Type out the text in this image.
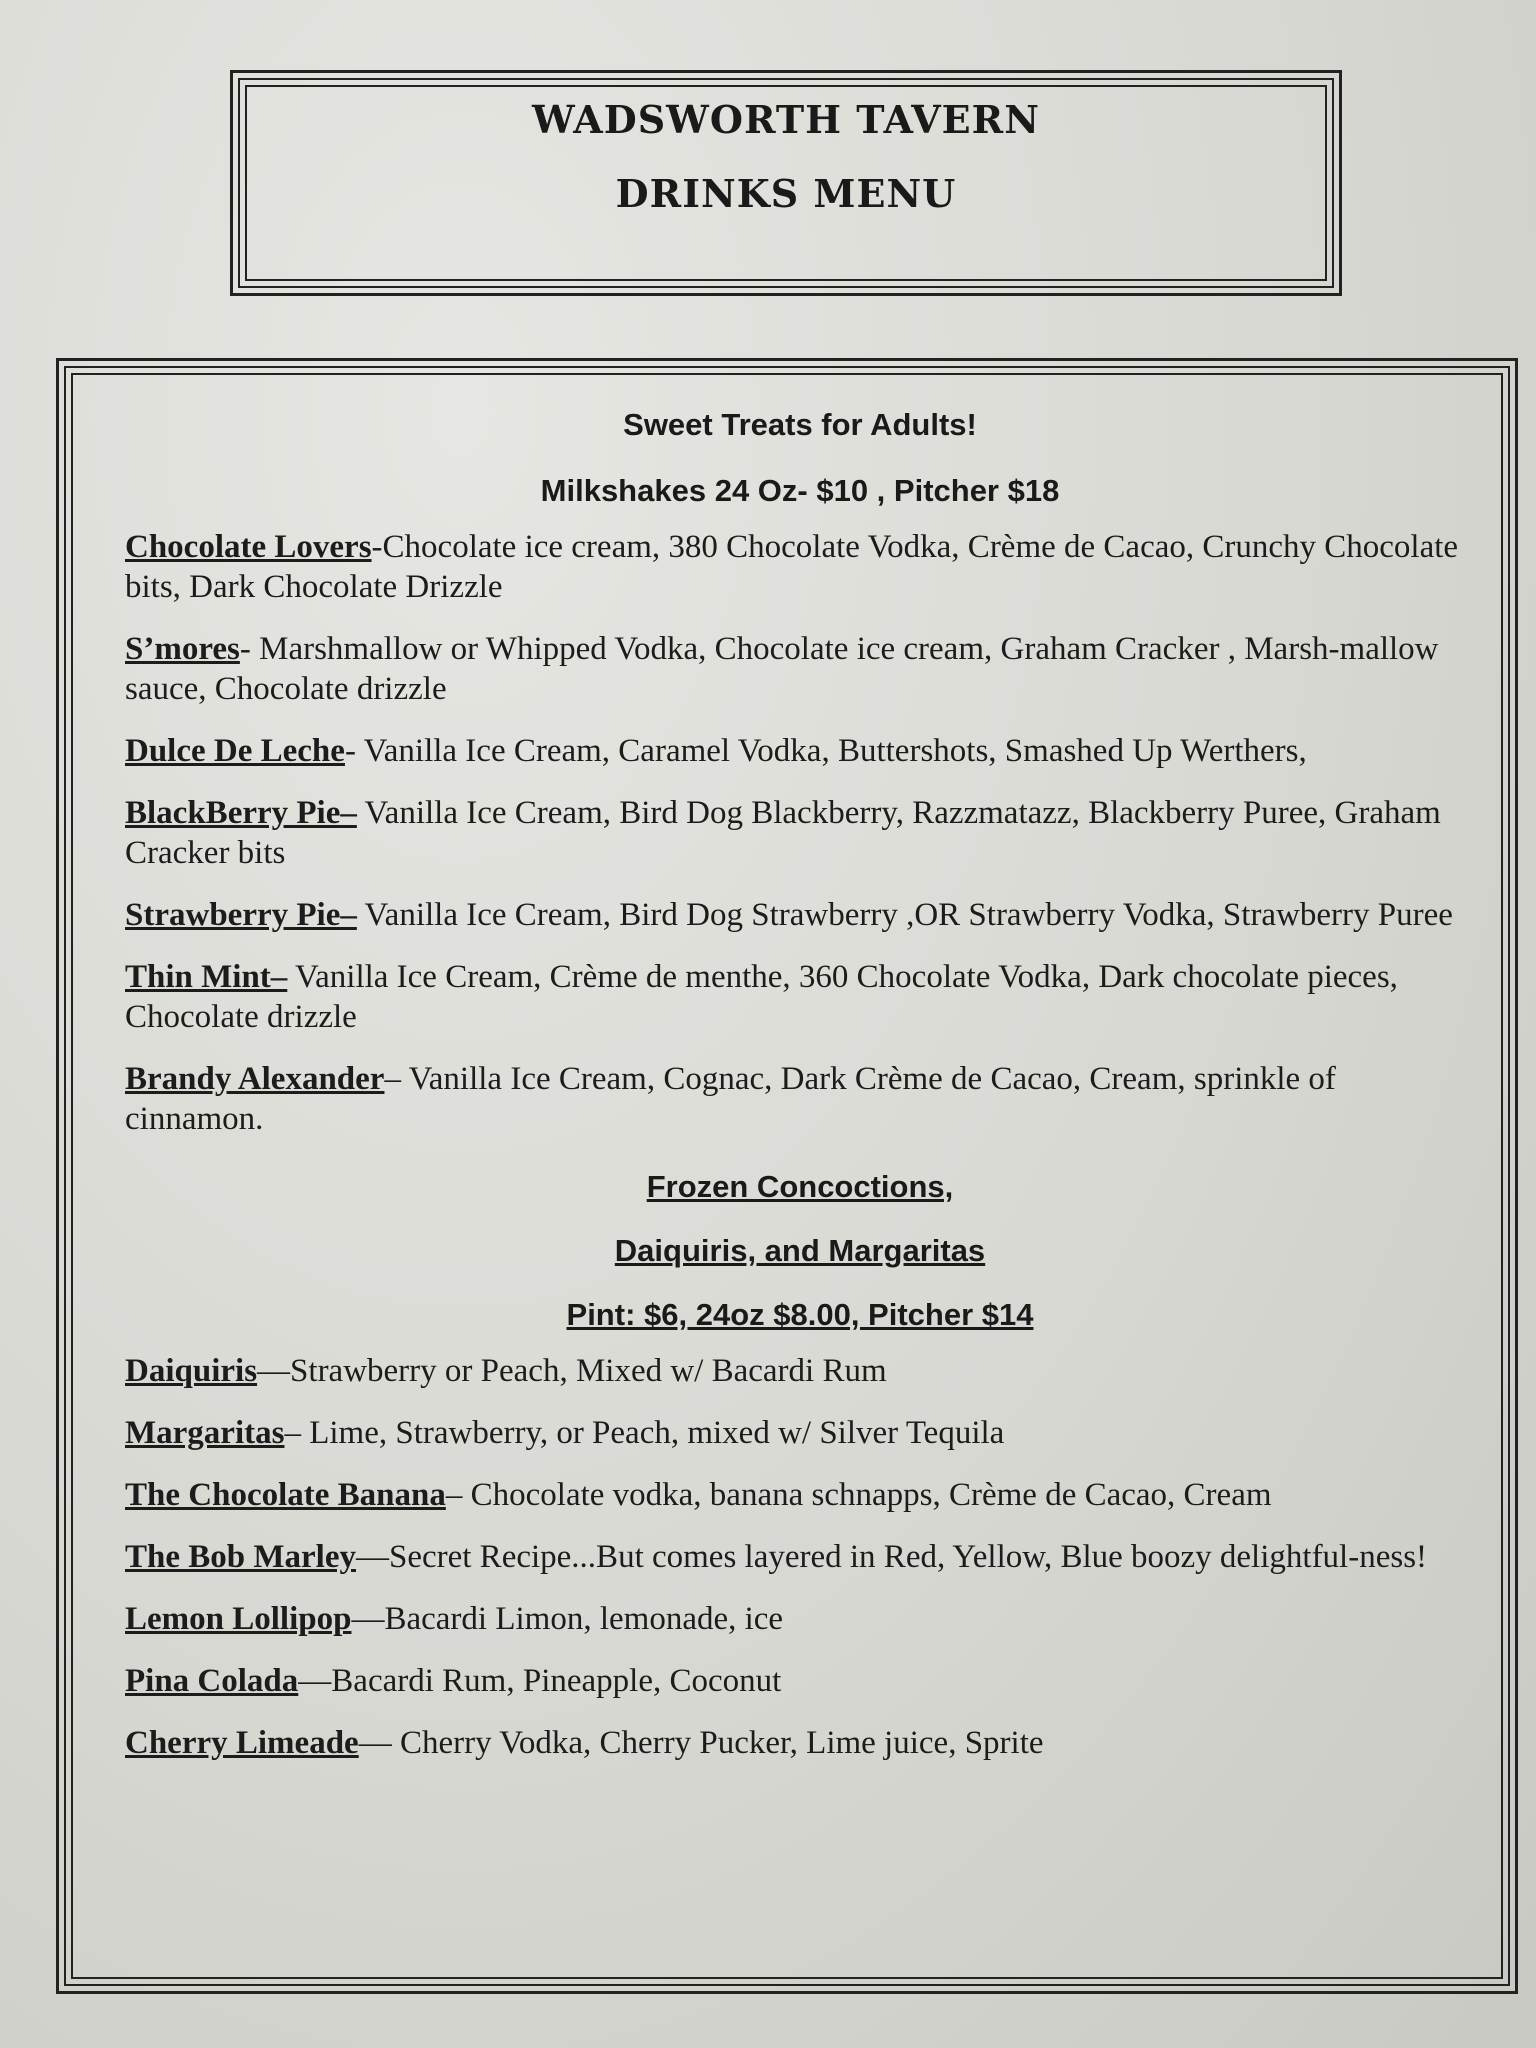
WADSWORTH TAVERN
DRINKS MENU

Sweet Treats for Adults!

Milkshakes 24 Oz- $10 , Pitcher $18

Chocolate Lovers-Chocolate ice cream, 380 Chocolate Vodka, Crème de Cacao, Crunchy Chocolate bits, Dark Chocolate Drizzle

S’mores- Marshmallow or Whipped Vodka, Chocolate ice cream, Graham Cracker , Marsh-mallow sauce, Chocolate drizzle

Dulce De Leche- Vanilla Ice Cream, Caramel Vodka, Buttershots, Smashed Up Werthers,

BlackBerry Pie– Vanilla Ice Cream, Bird Dog Blackberry, Razzmatazz, Blackberry Puree, Graham Cracker bits

Strawberry Pie– Vanilla Ice Cream, Bird Dog Strawberry ,OR Strawberry Vodka, Strawberry Puree

Thin Mint– Vanilla Ice Cream, Crème de menthe, 360 Chocolate Vodka, Dark chocolate pieces, Chocolate drizzle

Brandy Alexander– Vanilla Ice Cream, Cognac, Dark Crème de Cacao, Cream, sprinkle of cinnamon.

Frozen Concoctions,

Daiquiris, and Margaritas

Pint: $6, 24oz $8.00, Pitcher $14

Daiquiris—Strawberry or Peach, Mixed w/ Bacardi Rum

Margaritas– Lime, Strawberry, or Peach, mixed w/ Silver Tequila

The Chocolate Banana– Chocolate vodka, banana schnapps, Crème de Cacao, Cream

The Bob Marley—Secret Recipe...But comes layered in Red, Yellow, Blue boozy delightful-ness!

Lemon Lollipop—Bacardi Limon, lemonade, ice

Pina Colada—Bacardi Rum, Pineapple, Coconut

Cherry Limeade— Cherry Vodka, Cherry Pucker, Lime juice, Sprite
